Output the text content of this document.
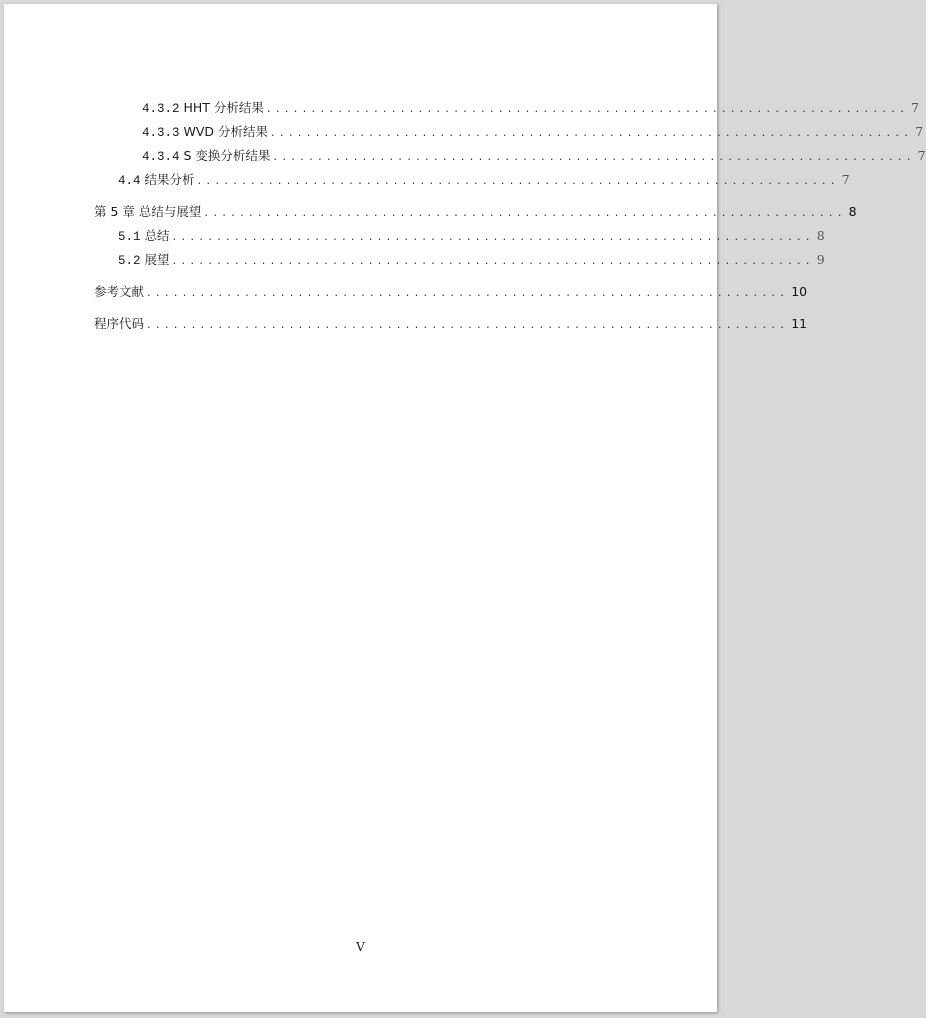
4.3.2 HHT 分析结果 ........................................................................ 7
4.3.3 WVD 分析结果 ........................................................................ 7
4.3.4 S 变换分析结果 ........................................................................ 7
4.4 结果分析 ........................................................................ 7
第 5 章 总结与展望 ........................................................................ 8
5.1 总结 ........................................................................ 8
5.2 展望 ........................................................................ 9
参考文献 ........................................................................ 10
程序代码 ........................................................................ 11
V
